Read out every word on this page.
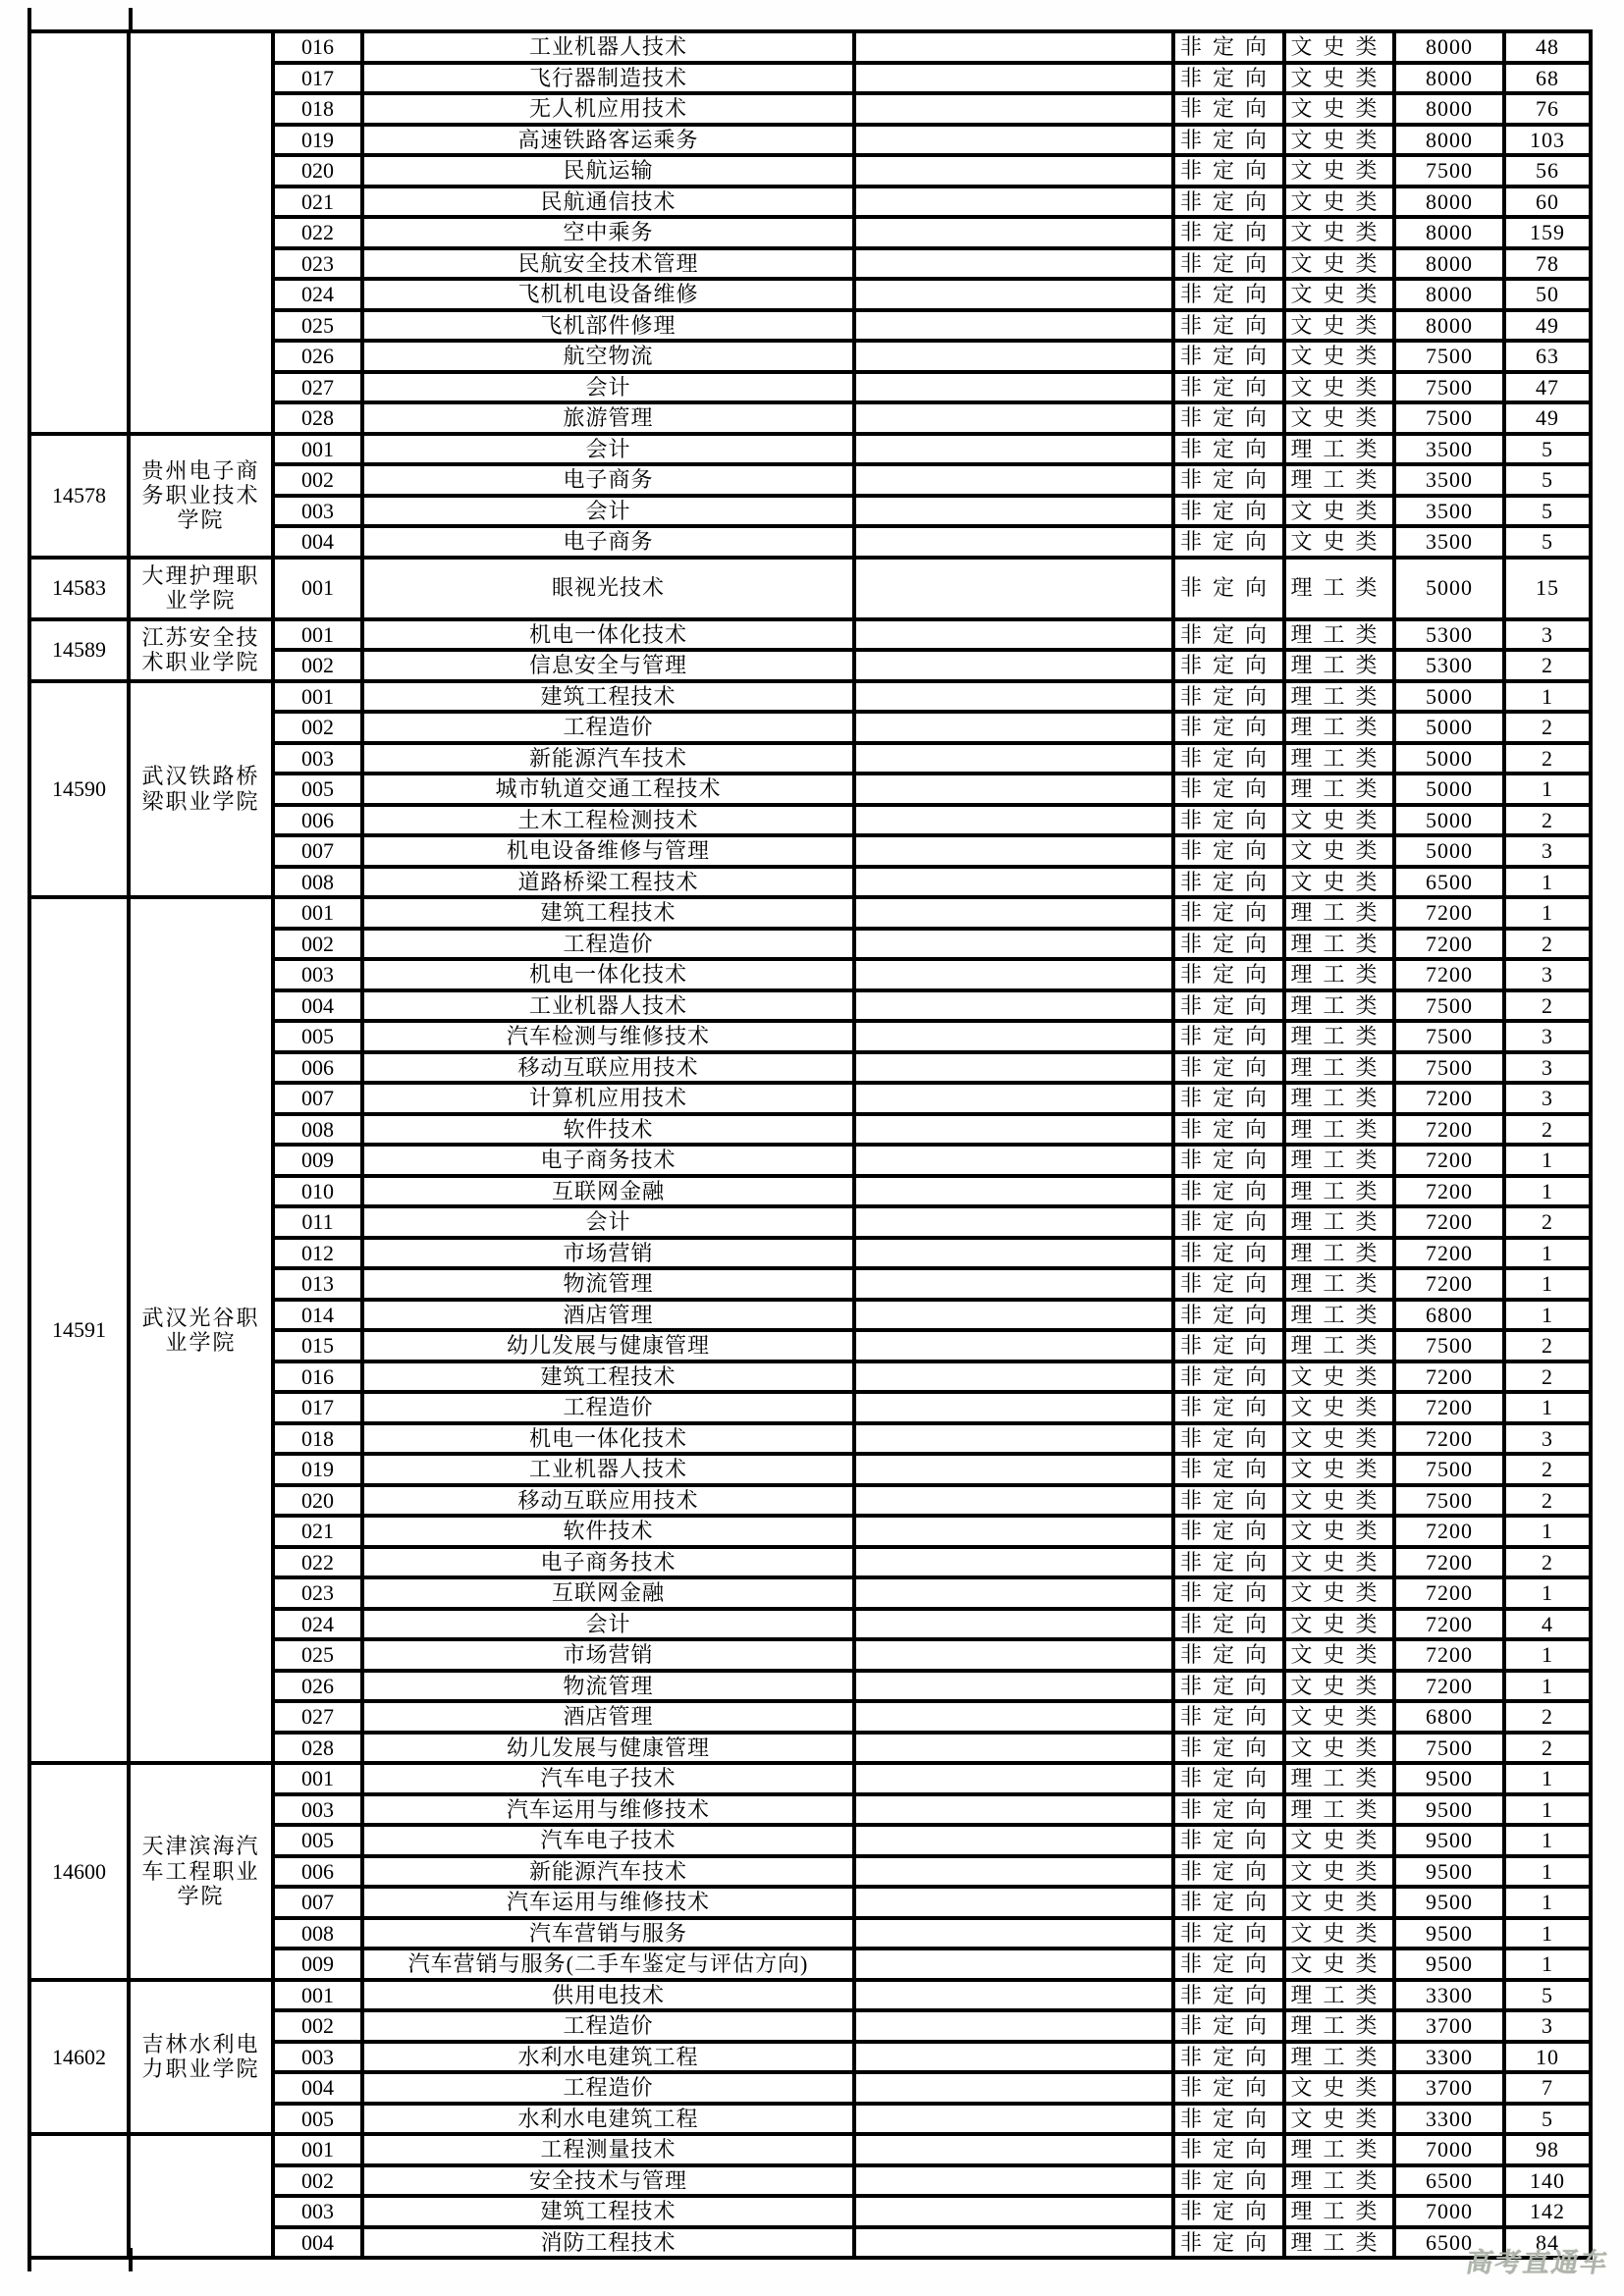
		016	工业机器人技术		非定向	文史类	8000	48
		017	飞行器制造技术		非定向	文史类	8000	68
		018	无人机应用技术		非定向	文史类	8000	76
		019	高速铁路客运乘务		非定向	文史类	8000	103
		020	民航运输		非定向	文史类	7500	56
		021	民航通信技术		非定向	文史类	8000	60
		022	空中乘务		非定向	文史类	8000	159
		023	民航安全技术管理		非定向	文史类	8000	78
		024	飞机机电设备维修		非定向	文史类	8000	50
		025	飞机部件修理		非定向	文史类	8000	49
		026	航空物流		非定向	文史类	7500	63
		027	会计		非定向	文史类	7500	47
		028	旅游管理		非定向	文史类	7500	49
14578	贵州电子商务职业技术学院	001	会计		非定向	理工类	3500	5
		002	电子商务		非定向	理工类	3500	5
		003	会计		非定向	文史类	3500	5
		004	电子商务		非定向	文史类	3500	5
14583	大理护理职业学院	001	眼视光技术		非定向	理工类	5000	15
14589	江苏安全技术职业学院	001	机电一体化技术		非定向	理工类	5300	3
		002	信息安全与管理		非定向	理工类	5300	2
14590	武汉铁路桥梁职业学院	001	建筑工程技术		非定向	理工类	5000	1
		002	工程造价		非定向	理工类	5000	2
		003	新能源汽车技术		非定向	理工类	5000	2
		005	城市轨道交通工程技术		非定向	理工类	5000	1
		006	土木工程检测技术		非定向	文史类	5000	2
		007	机电设备维修与管理		非定向	文史类	5000	3
		008	道路桥梁工程技术		非定向	文史类	6500	1
14591	武汉光谷职业学院	001	建筑工程技术		非定向	理工类	7200	1
		002	工程造价		非定向	理工类	7200	2
		003	机电一体化技术		非定向	理工类	7200	3
		004	工业机器人技术		非定向	理工类	7500	2
		005	汽车检测与维修技术		非定向	理工类	7500	3
		006	移动互联应用技术		非定向	理工类	7500	3
		007	计算机应用技术		非定向	理工类	7200	3
		008	软件技术		非定向	理工类	7200	2
		009	电子商务技术		非定向	理工类	7200	1
		010	互联网金融		非定向	理工类	7200	1
		011	会计		非定向	理工类	7200	2
		012	市场营销		非定向	理工类	7200	1
		013	物流管理		非定向	理工类	7200	1
		014	酒店管理		非定向	理工类	6800	1
		015	幼儿发展与健康管理		非定向	理工类	7500	2
		016	建筑工程技术		非定向	文史类	7200	2
		017	工程造价		非定向	文史类	7200	1
		018	机电一体化技术		非定向	文史类	7200	3
		019	工业机器人技术		非定向	文史类	7500	2
		020	移动互联应用技术		非定向	文史类	7500	2
		021	软件技术		非定向	文史类	7200	1
		022	电子商务技术		非定向	文史类	7200	2
		023	互联网金融		非定向	文史类	7200	1
		024	会计		非定向	文史类	7200	4
		025	市场营销		非定向	文史类	7200	1
		026	物流管理		非定向	文史类	7200	1
		027	酒店管理		非定向	文史类	6800	2
		028	幼儿发展与健康管理		非定向	文史类	7500	2
14600	天津滨海汽车工程职业学院	001	汽车电子技术		非定向	理工类	9500	1
		003	汽车运用与维修技术		非定向	理工类	9500	1
		005	汽车电子技术		非定向	文史类	9500	1
		006	新能源汽车技术		非定向	文史类	9500	1
		007	汽车运用与维修技术		非定向	文史类	9500	1
		008	汽车营销与服务		非定向	文史类	9500	1
		009	汽车营销与服务(二手车鉴定与评估方向)		非定向	文史类	9500	1
14602	吉林水利电力职业学院	001	供用电技术		非定向	理工类	3300	5
		002	工程造价		非定向	理工类	3700	3
		003	水利水电建筑工程		非定向	理工类	3300	10
		004	工程造价		非定向	文史类	3700	7
		005	水利水电建筑工程		非定向	文史类	3300	5
		001	工程测量技术		非定向	理工类	7000	98
		002	安全技术与管理		非定向	理工类	6500	140
		003	建筑工程技术		非定向	理工类	7000	142
		004	消防工程技术		非定向	理工类	6500	84
高考直通车
